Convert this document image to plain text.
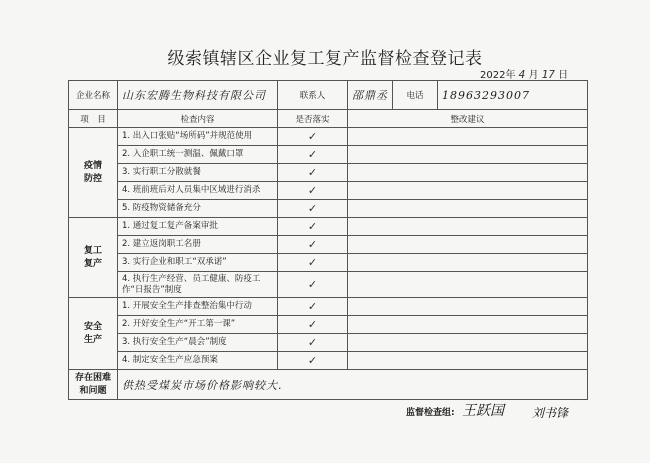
级索镇辖区企业复工复产监督检查登记表
2022年 4 月 17 日
企业名称	山东宏腾生物科技有限公司	联系人	邵鼎丞	电话	18963293007
项　目	检查内容	是否落实	整改建议		
疫情
防控	1. 出入口张贴“场所码”并规范使用	✓			
	2. 入企职工统一测温、佩戴口罩	✓			
	3. 实行职工分散就餐	✓			
	4. 班前班后对人员集中区域进行消杀	✓			
	5. 防疫物资储备充分	✓			
复工
复产	1. 通过复工复产备案审批	✓			
	2. 建立返岗职工名册	✓			
	3. 实行企业和职工“双承诺”	✓			
	4. 执行生产经营、员工健康、防疫工作“日报告”制度	✓			
安全
生产	1. 开展安全生产排查整治集中行动	✓			
	2. 开好安全生产“开工第一课”	✓			
	3. 执行安全生产“晨会”制度	✓			
	4. 制定安全生产应急预案	✓			
存在困难
和问题	供热受煤炭市场价格影响较大.				
监督检查组: 王跃国 刘书锋
